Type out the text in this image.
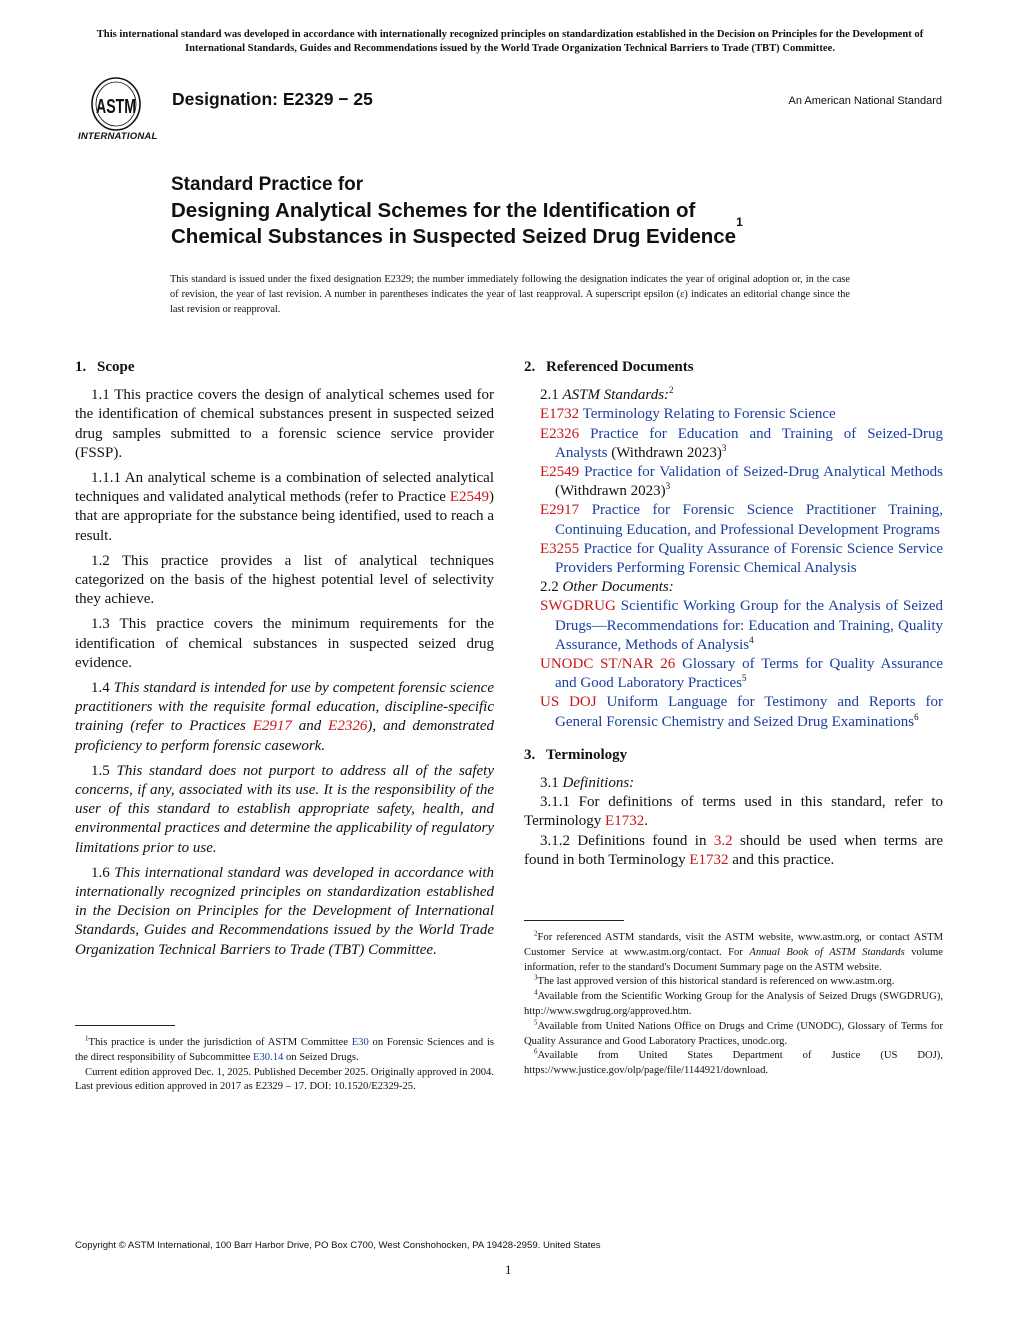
This international standard was developed in accordance with internationally recognized principles on standardization established in the Decision on Principles for the Development of International Standards, Guides and Recommendations issued by the World Trade Organization Technical Barriers to Trade (TBT) Committee.
ASTM
INTERNATIONAL
Designation: E2329 − 25	An American National Standard
Standard Practice for
Designing Analytical Schemes for the Identification of
Chemical Substances in Suspected Seized Drug Evidence$^1$
This standard is issued under the fixed designation E2329; the number immediately following the designation indicates the year of original adoption or, in the case of revision, the year of last revision. A number in parentheses indicates the year of last reapproval. A superscript epsilon (ε) indicates an editorial change since the last revision or reapproval.
1. Scope

1.1 This practice covers the design of analytical schemes used for the identification of chemical substances present in suspected seized drug samples submitted to a forensic science service provider (FSSP).

1.1.1 An analytical scheme is a combination of selected analytical techniques and validated analytical methods (refer to Practice E2549) that are appropriate for the substance being identified, used to reach a result.

1.2 This practice provides a list of analytical techniques categorized on the basis of the highest potential level of selectivity they achieve.

1.3 This practice covers the minimum requirements for the identification of chemical substances in suspected seized drug evidence.

1.4 This standard is intended for use by competent forensic science practitioners with the requisite formal education, discipline-specific training (refer to Practices E2917 and E2326), and demonstrated proficiency to perform forensic casework.

1.5 This standard does not purport to address all of the safety concerns, if any, associated with its use. It is the responsibility of the user of this standard to establish appropriate safety, health, and environmental practices and determine the applicability of regulatory limitations prior to use.

1.6 This international standard was developed in accordance with internationally recognized principles on standardization established in the Decision on Principles for the Development of International Standards, Guides and Recommendations issued by the World Trade Organization Technical Barriers to Trade (TBT) Committee.

$^1$This practice is under the jurisdiction of ASTM Committee E30 on Forensic Sciences and is the direct responsibility of Subcommittee E30.14 on Seized Drugs.

Current edition approved Dec. 1, 2025. Published December 2025. Originally approved in 2004. Last previous edition approved in 2017 as E2329 – 17. DOI: 10.1520/E2329-25.

2. Referenced Documents

2.1 ASTM Standards:$^2$

E1732 Terminology Relating to Forensic Science

E2326 Practice for Education and Training of Seized-Drug Analysts (Withdrawn 2023)$^3$

E2549 Practice for Validation of Seized-Drug Analytical Methods (Withdrawn 2023)$^3$

E2917 Practice for Forensic Science Practitioner Training, Continuing Education, and Professional Development Programs

E3255 Practice for Quality Assurance of Forensic Science Service Providers Performing Forensic Chemical Analysis

2.2 Other Documents:

SWGDRUG Scientific Working Group for the Analysis of Seized Drugs—Recommendations for: Education and Training, Quality Assurance, Methods of Analysis$^4$

UNODC ST/NAR 26 Glossary of Terms for Quality Assurance and Good Laboratory Practices$^5$

US DOJ Uniform Language for Testimony and Reports for General Forensic Chemistry and Seized Drug Examinations$^6$

3. Terminology

3.1 Definitions:

3.1.1 For definitions of terms used in this standard, refer to Terminology E1732.

3.1.2 Definitions found in 3.2 should be used when terms are found in both Terminology E1732 and this practice.

$^2$For referenced ASTM standards, visit the ASTM website, www.astm.org, or contact ASTM Customer Service at www.astm.org/contact. For Annual Book of ASTM Standards volume information, refer to the standard's Document Summary page on the ASTM website.

$^3$The last approved version of this historical standard is referenced on www.astm.org.

$^4$Available from the Scientific Working Group for the Analysis of Seized Drugs (SWGDRUG), http://www.swgdrug.org/approved.htm.

$^5$Available from United Nations Office on Drugs and Crime (UNODC), Glossary of Terms for Quality Assurance and Good Laboratory Practices, unodc.org.

$^6$Available from United States Department of Justice (US DOJ), https://www.justice.gov/olp/page/file/1144921/download.

Copyright © ASTM International, 100 Barr Harbor Drive, PO Box C700, West Conshohocken, PA 19428-2959. United States
1
